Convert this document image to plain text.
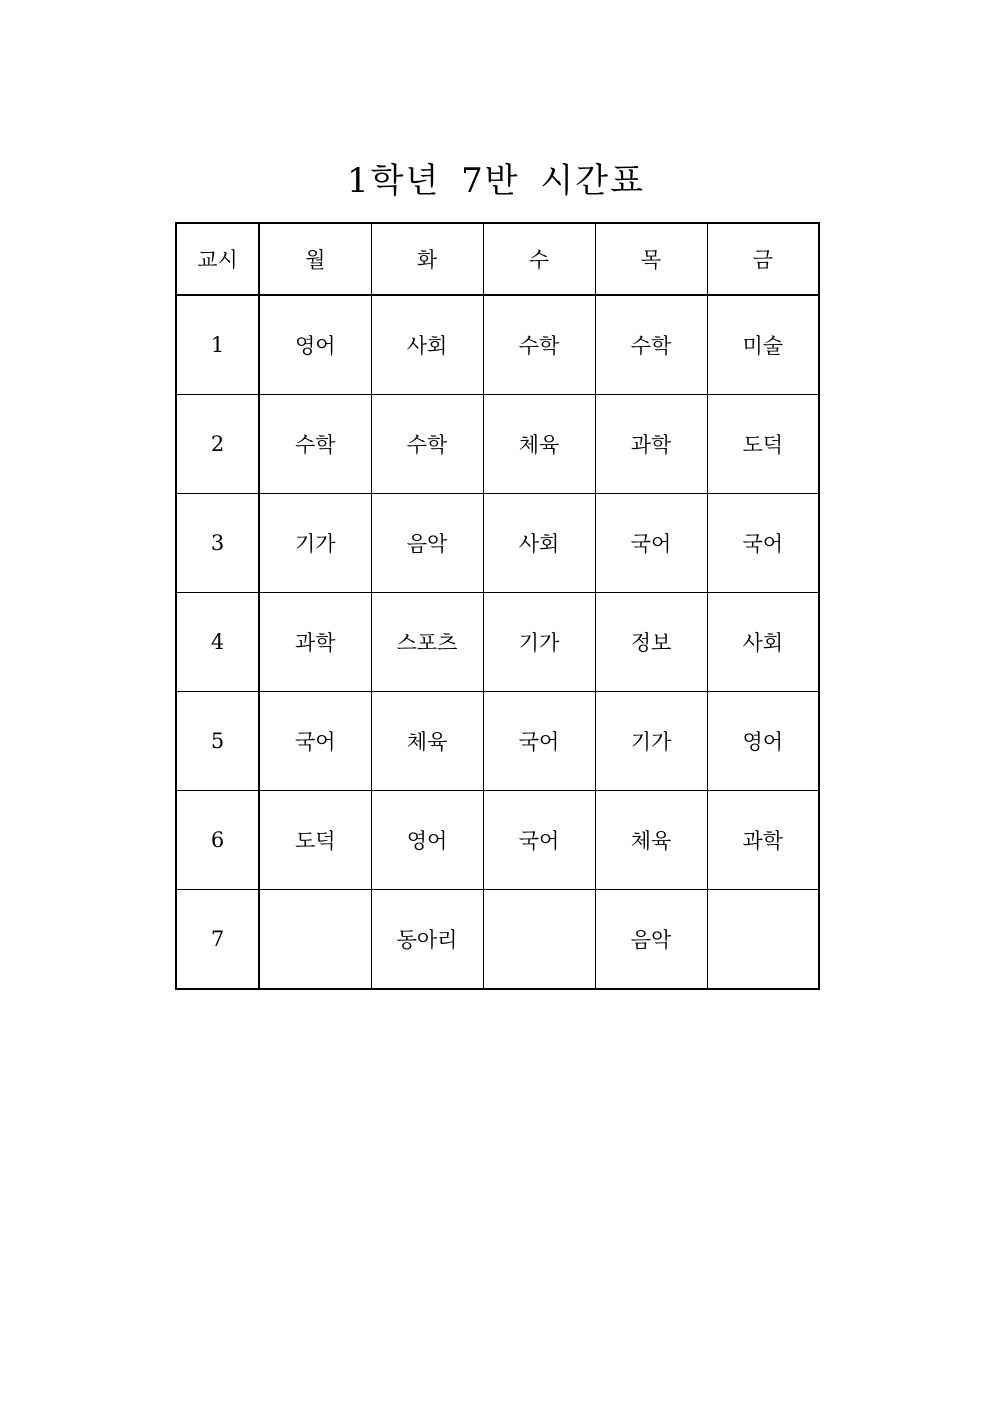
1학년 7반 시간표
교시	월	화	수	목	금
1	영어	사회	수학	수학	미술
2	수학	수학	체육	과학	도덕
3	기가	음악	사회	국어	국어
4	과학	스포츠	기가	정보	사회
5	국어	체육	국어	기가	영어
6	도덕	영어	국어	체육	과학
7		동아리		음악	
